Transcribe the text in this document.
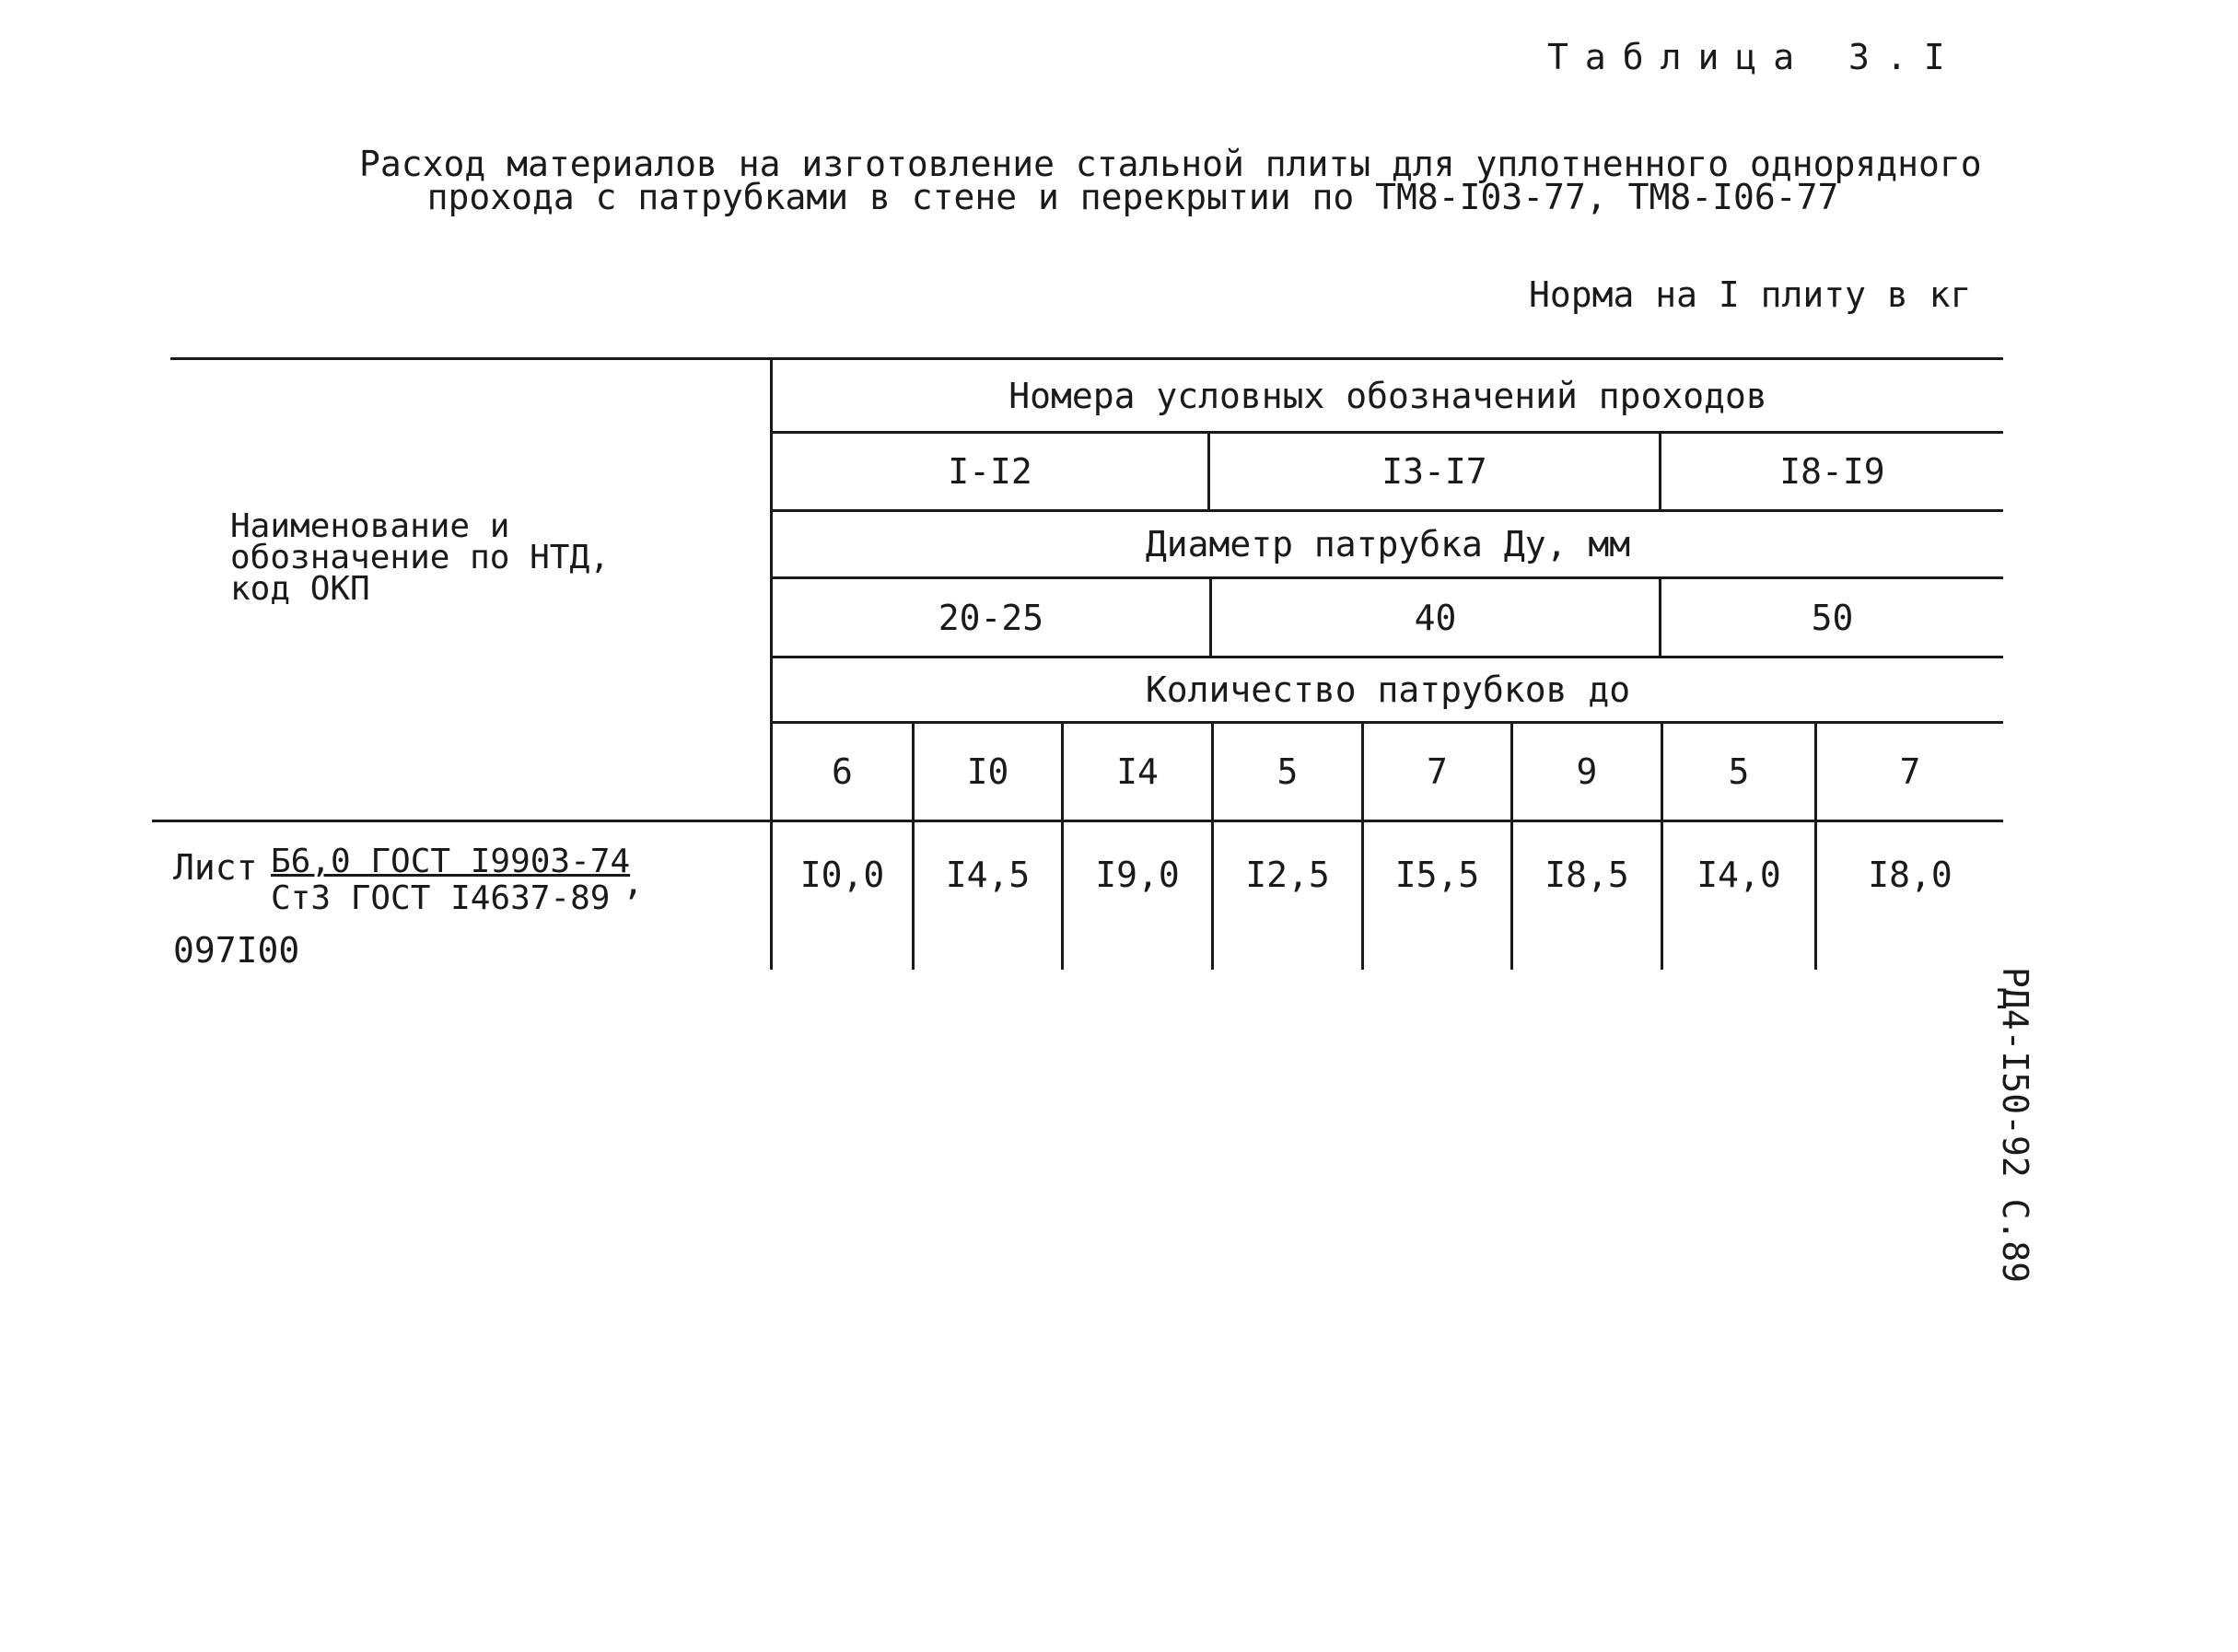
Таблица 3.I
Расход материалов на изготовление стальной плиты для уплотненного однорядного
прохода с патрубками в стене и перекрытии по ТМ8-I03-77, ТМ8-I06-77
Норма на I плиту в кг
Наименование и
обозначение по НТД,
код ОКП
Номера условных обозначений проходов
I-I2	I3-I7	I8-I9
Диаметр патрубка Ду, мм
20-25	40	50
Количество патрубков до
6	I0	I4	5	7	9	5	7
Лист Б6,0 ГОСТ I9903-74
Ст3 ГОСТ I4637-89 ,
097I00
I0,0	I4,5	I9,0	I2,5	I5,5	I8,5	I4,0	I8,0
РД4-I50-92 С.89
